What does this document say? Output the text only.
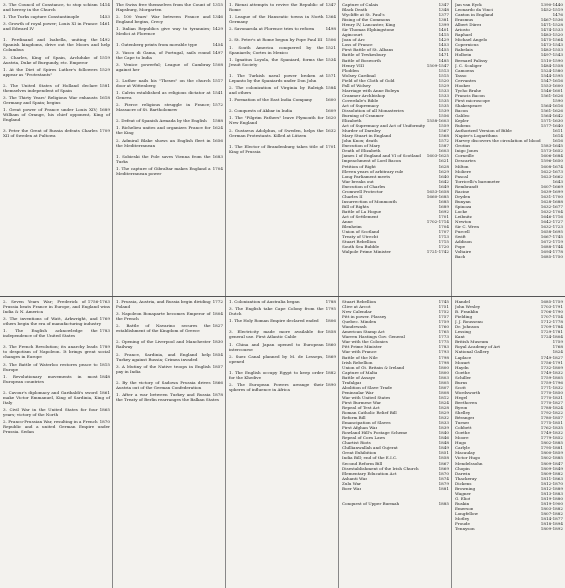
1414
3. The Council of Constance, to stop schism and heresy in the Church
1453
1. The Turks capture Constantinople
1461
3. Growth of royal power; Louis XI in France and Edward IV
1492
1. Ferdinand and Isabella, uniting the Spanish kingdoms, drive out the Moors and help Columbus
1519
3. Charles, King of Spain, Archduke of Austria, Duke of Burgundy, etc. Emperor
1529
1. At the Diet of Spires Luther's followers appear as "Protestants"
1581
2. The United States of Holland declare themselves independent of Spain
1618
3. The Thirty Years' Religious War exhausts Germany and Spain; begins
1689
1. Great power of France under Louis XIV; William of Orange, his chief opponent, King of England
1709
3. Peter the Great of Russia defeats Charles XII of Sweden at Pultowa
1315
The Swiss free themselves from the Count of Hapsburg, Morgarten
1346
2. 100 Years' War between France and England begins, Crecy
1429
1. Italian Republics give way to tyrannies; Medici at Florence
1454
1. Gutenberg prints from movable type
1497
3. Vasco di Gama, of Portugal, sails round the Cape to India
1508
3. Venice powerful; League of Cambray against her
1517
2. Luther nails his "Theses" on the church door at Wittenberg
1541
1. Calvin established as religious dictator at Geneva
1572
2. Fierce religious struggle in France; Massacre of St. Bartholomew
1588
2. Defeat of Spanish Armada by the English
1624
1. Richelieu unites and organizes France for the King
1656
2. Admiral Blake shows an English fleet in the Mediterranean
1683
1. Sobieski the Pole saves Vienna from the Turks
1704
1. The capture of Gibraltar makes England a Mediterranean power
1347
1. Rienzi attempts to revive the Republic of Rome
1364
1. League of the Hanseatic towns in North Germany
1498
2. Savonarola at Florence tries to reform
1506
2. St. Peter's at Rome begun by Pope Paul III
1521
1. South America conquered by the Spaniards; Cortes in Mexico
1534
1. Ignatius Loyola, the Spaniard, forms the Jesuit Society
1571
1. The Turkish naval power broken at Lepanto by the Spaniards under Don John
1584
2. The colonization of Virginia by Raleigh and others
1600
1. Formation of the East India Company
1609
2. Conquests of Akbar in India
1620
1. The "Pilgrim Fathers" leave Plymouth for New England
1632
2. Gustavus Adolphus, of Sweden, helps the German Protestants. Killed at Lützen
1701
1. The Elector of Brandenburg takes title of King of Prussia
Capture of Calais	1347
Black Death	1348
Wycliffe at St. Paul's	1377
Rising of the Commons	1381
Henry IV, Lancaster, King	1399
Sir Thomas Elphingstone	1401
Agincourt	1415
Joan of Arc	1429
Loss of France	1453
First Battle of St. Albans	1455
Battle of Tewkesbury	1471
Battle of Bosworth	1485
Henry VIII	1509-1547
Flodden	1513
Wolsey Cardinal	1515
Field of the Cloth of Gold	1520
Fall of Wolsey	1529
Marriage with Anne Boleyn	1533
Cranmer Archbishop	1533
Coverdale's Bible	1535
Act of Supremacy	1535
Dissolution of all Monasteries	1539
Burning of Cranmer	1556
Elizabeth	1558-1603
Act of Supremacy and Act of Uniformity	1559
Murder of Darnley	1567
Mary Stuart in England	1568
John Knox; death	1572
Execution of Mary	1587
Death of Elizabeth	1603
James I of England and VI of Scotland	1603-1625
Impeachment of Lord Bacon	1621
Petition of Right	1628
Eleven years of arbitrary rule	1629
Long Parliament meets	1640
War breaks out	1642
Execution of Charles	1649
Cromwell Protector	1653-1658
Charles II	1660-1685
Insurrection of Monmouth	1685
Bill of Rights	1689
Battle of La Hogue	1692
Act of Settlement	1701
Anne	1702-1714
Blenheim	1704
Union of Scotland	1707
Treaty of Utrecht	1713
Stuart Rebellion	1715
South Sea Bubble	1720
Walpole Prime Minister	1721-1742
Jan van Eyck	1390-1440
Leonardo da Vinci	1452-1519
Caxton in England	1476
Erasmus	1467-1536
Albert Dürer	1471-1528
Ariosto	1474-1533
Raphael	1483-1520
Michael Angelo	1475-1564
Copernicus	1473-1543
Rabelais	1483-1553
Holbein	1497-1543
Bernard Palissy	1510-1590
J. C. Scaliger	1484-1558
Camoens	1524-1580
Tasso	1544-1595
Cervantes	1547-1616
Hooker	1553-1600
Tycho Brahe	1546-1601
Francis Bacon	1561-1626
First microscope	1590
Shakespeare	1564-1616
Bacon	1561-1626
Galileo	1564-1642
Kepler	1571-1630
Rubens	1577-1640
Authorized Version of Bible	1611
Napier's Logarithms	1614
Harvey discovers the circulation of blood	1616
Grotius	1583-1645
Inigo Jones	1573-1652
Corneille	1606-1684
Descartes	1596-1650
Milton	1608-1674
Moliere	1622-1673
Pascal	1623-1662
Torricelli's barometer	1643
Rembrandt	1607-1669
Racine	1639-1699
Dryden	1631-1700
Bunyan	1628-1688
Spinoza	1632-1677
Locke	1632-1704
Leibnitz	1646-1716
Newton	1642-1727
Sir C. Wren	1632-1723
Purcell	1658-1695
Swift	1667-1745
Addison	1672-1719
Pope	1688-1744
Voltaire	1694-1778
Bach	1685-1750
1756-1763
2. Seven Years War; Frederick of Prussia beats France in Europe, and England wins India & N. America
1769
3. The inventions of Watt, Arkwright, and others begin the era of manufacturing industry
1783
1. The English acknowledge the independence of the United States
1789
3. The French Revolution; its anarchy leads to despotism of Napoleon. It brings great social changes in Europe
1815
3. The Battle of Waterloo restores peace to Europe
1848
1. Revolutionary movements in most European countries
1861
2. Cavour's diplomacy and Garibaldi's sword make Victor Emmanuel, King of Sardinia, King of Italy
1865
3. Civil War in the United States for four years; victory of the North
1870
2. Franco-Prussian War, resulting in a French Republic and a united German Empire under Prussia. Sedan
1772
1. Prussia, Austria, and Russia begin dividing Poland
1804
3. Napoleon Bonaparte becomes Emperor of the French
1827
2. Battle of Navarino secures the establishment of the Kingdom of Greece
1830
2. Opening of the Liverpool and Manchester Railway
1854
2. France, Sardinia, and England help Turkey against Russia; Crimea invaded
1857
3. A Mutiny of the Native troops in English pay in India
1866
2. By the victory of Sadowa Prussia drives Austria out of the German Confederation
1878
1. After a war between Turkey and Russia the Treaty of Berlin rearranges the Balkan States
1788
1. Colonization of Australia began
1795
3. The English take Cape Colony from the Dutch
1806
1. The Holy Roman Empire declared ended
1858
3. Electricity made more available for general use. First Atlantic Cable
1860
1. China and Japan opened to European intercourse
1869
2. Suez Canal planned by M. de Lesseps, opened
1882
1. The English occupy Egypt to keep order for the Khedive
1890
2. The European Powers arrange their spheres of influence in Africa
Stuart Rebellion	1745
Clive at Arcot	1751
New Calendar	1752
Pitt in power. Plassey	1757
Quebec. Minden	1759
Wandewash	1760
American Stamp Act	1765
Warren Hastings Gov. General	1773
War with the Colonies	1775
Pitt Prime Minister	1783
War with France	1793
Battle of the Nile	1798
Irish Rebellion	1798
Union of Gt. Britain & Ireland	1800
Capture of Malta	1800
Battle of Assaye	1803
Trafalgar	1805
Abolition of Slave Trade	1807
Peninsular War	1808
War with United States	1812
First Burmese War	1824
Repeal of Test Act	1828
Roman Catholic Relief Bill	1829
Reform Bill	1832
Emancipation of Slaves	1833
First Afghan War	1839
Rowland Hill's Postage Scheme	1840
Repeal of Corn Laws	1846
Chartist Riots	1848
Chillianwallah and Gujerat	1849
Great Exhibition	1851
India Bill; end of the E.I.C.	1858
Second Reform Bill	1867
Disestablishment of the Irish Church	1869
Elementary Education Act	1870
Ashanti War	1874
Zulu War	1879
Boer War	1881

Conquest of Upper Burmah	1885
Handel	1685-1759
John Wesley	1703-1791
B. Franklin	1706-1790
Fielding	1707-1754
J. J. Rousseau	1712-1778
Dr. Johnson	1709-1784
Lessing	1729-1781
Kant	1724-1804
British Museum	1759
Royal Academy of Art	1768
National Gallery	1824
Laplace	1749-1827
Mozart	1756-1791
Haydn	1732-1809
Goethe	1749-1832
Schiller	1759-1805
Burns	1759-1796
Scott	1771-1832
Wordsworth	1770-1850
Hegel	1770-1831
Beethoven	1770-1827
Byron	1788-1824
Shelley	1792-1822
Béranger	1780-1857
Turner	1775-1851
Cobbett	1762-1835
Goethe	1749-1832
Moore	1779-1852
Hugo	1802-1885
Carlyle	1795-1881
Macaulay	1800-1859
Victor Hugo	1802-1885
Mendelssohn	1809-1847
Chopin	1809-1849
Darwin	1809-1882
Thackeray	1811-1863
Dickens	1812-1870
Browning	1812-1889
Wagner	1813-1883
G. Eliot	1819-1880
Ruskin	1819-1900
Emerson	1803-1882
Longfellow	1807-1882
Motley	1814-1877
Froude	1818-1894
Tennyson	1809-1892
